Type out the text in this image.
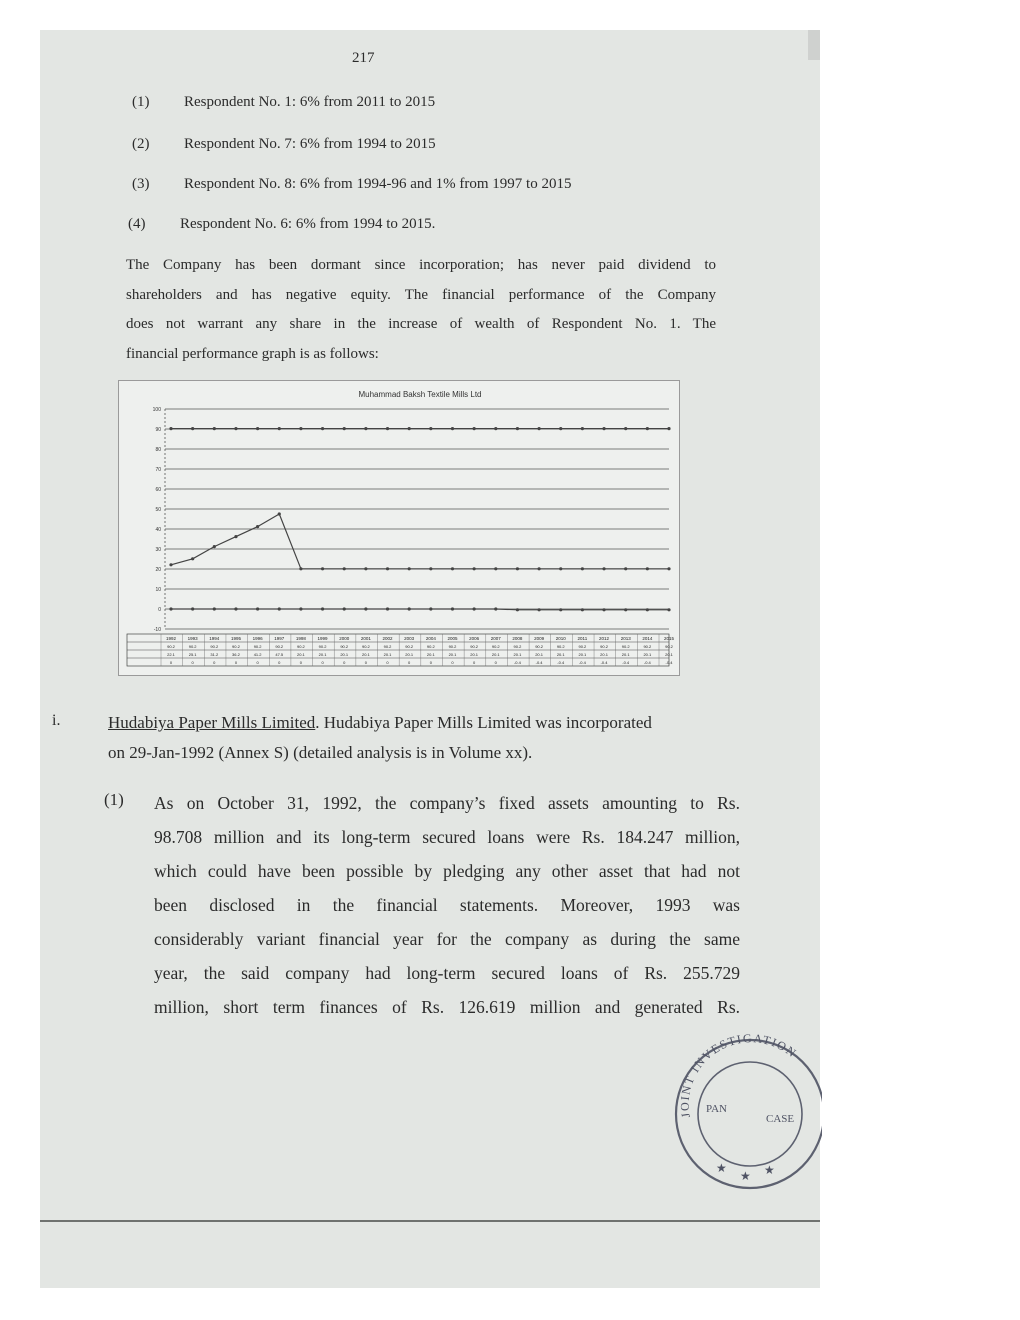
217
(1) Respondent No. 1: 6% from 2011 to 2015
(2) Respondent No. 7: 6% from 1994 to 2015
(3) Respondent No. 8: 6% from 1994-96 and 1% from 1997 to 2015
(4) Respondent No. 6: 6% from 1994 to 2015.
The Company has been dormant since incorporation; has never paid dividend to
shareholders and has negative equity. The financial performance of the Company
does not warrant any share in the increase of wealth of Respondent No. 1. The
financial performance graph is as follows:
Muhammad Baksh Textile Mills Ltd
-10
0
10
20
30
40
50
60
70
80
90
100
1992
90.2
22.1
0
1993
90.2
25.1
0
1994
90.2
31.2
0
1995
90.2
36.2
0
1996
90.2
41.2
0
1997
90.2
47.5
0
1998
90.2
20.1
0
1999
90.2
20.1
0
2000
90.2
20.1
0
2001
90.2
20.1
0
2002
90.2
20.1
0
2003
90.2
20.1
0
2004
90.2
20.1
0
2005
90.2
20.1
0
2006
90.2
20.1
0
2007
90.2
20.1
0
2008
90.2
20.1
-0.4
2009
90.2
20.1
-0.4
2010
90.2
20.1
-0.4
2011
90.2
20.1
-0.4
2012
90.2
20.1
-0.4
2013
90.2
20.1
-0.4
2014
90.2
20.1
-0.4
2015
90.2
20.1
-0.4
i.	Hudabiya Paper Mills Limited. Hudabiya Paper Mills Limited was incorporated
on 29-Jan-1992 (Annex S) (detailed analysis is in Volume xx).
(1) As on October 31, 1992, the company’s fixed assets amounting to Rs.
98.708 million and its long-term secured loans were Rs. 184.247 million,
which could have been possible by pledging any other asset that had not
been disclosed in the financial statements. Moreover, 1993 was
considerably variant financial year for the company as during the same
year, the said company had long-term secured loans of Rs. 255.729
million, short term finances of Rs. 126.619 million and generated Rs.
JOINT INVESTIGATION
PAN
CASE
★
★ ★
